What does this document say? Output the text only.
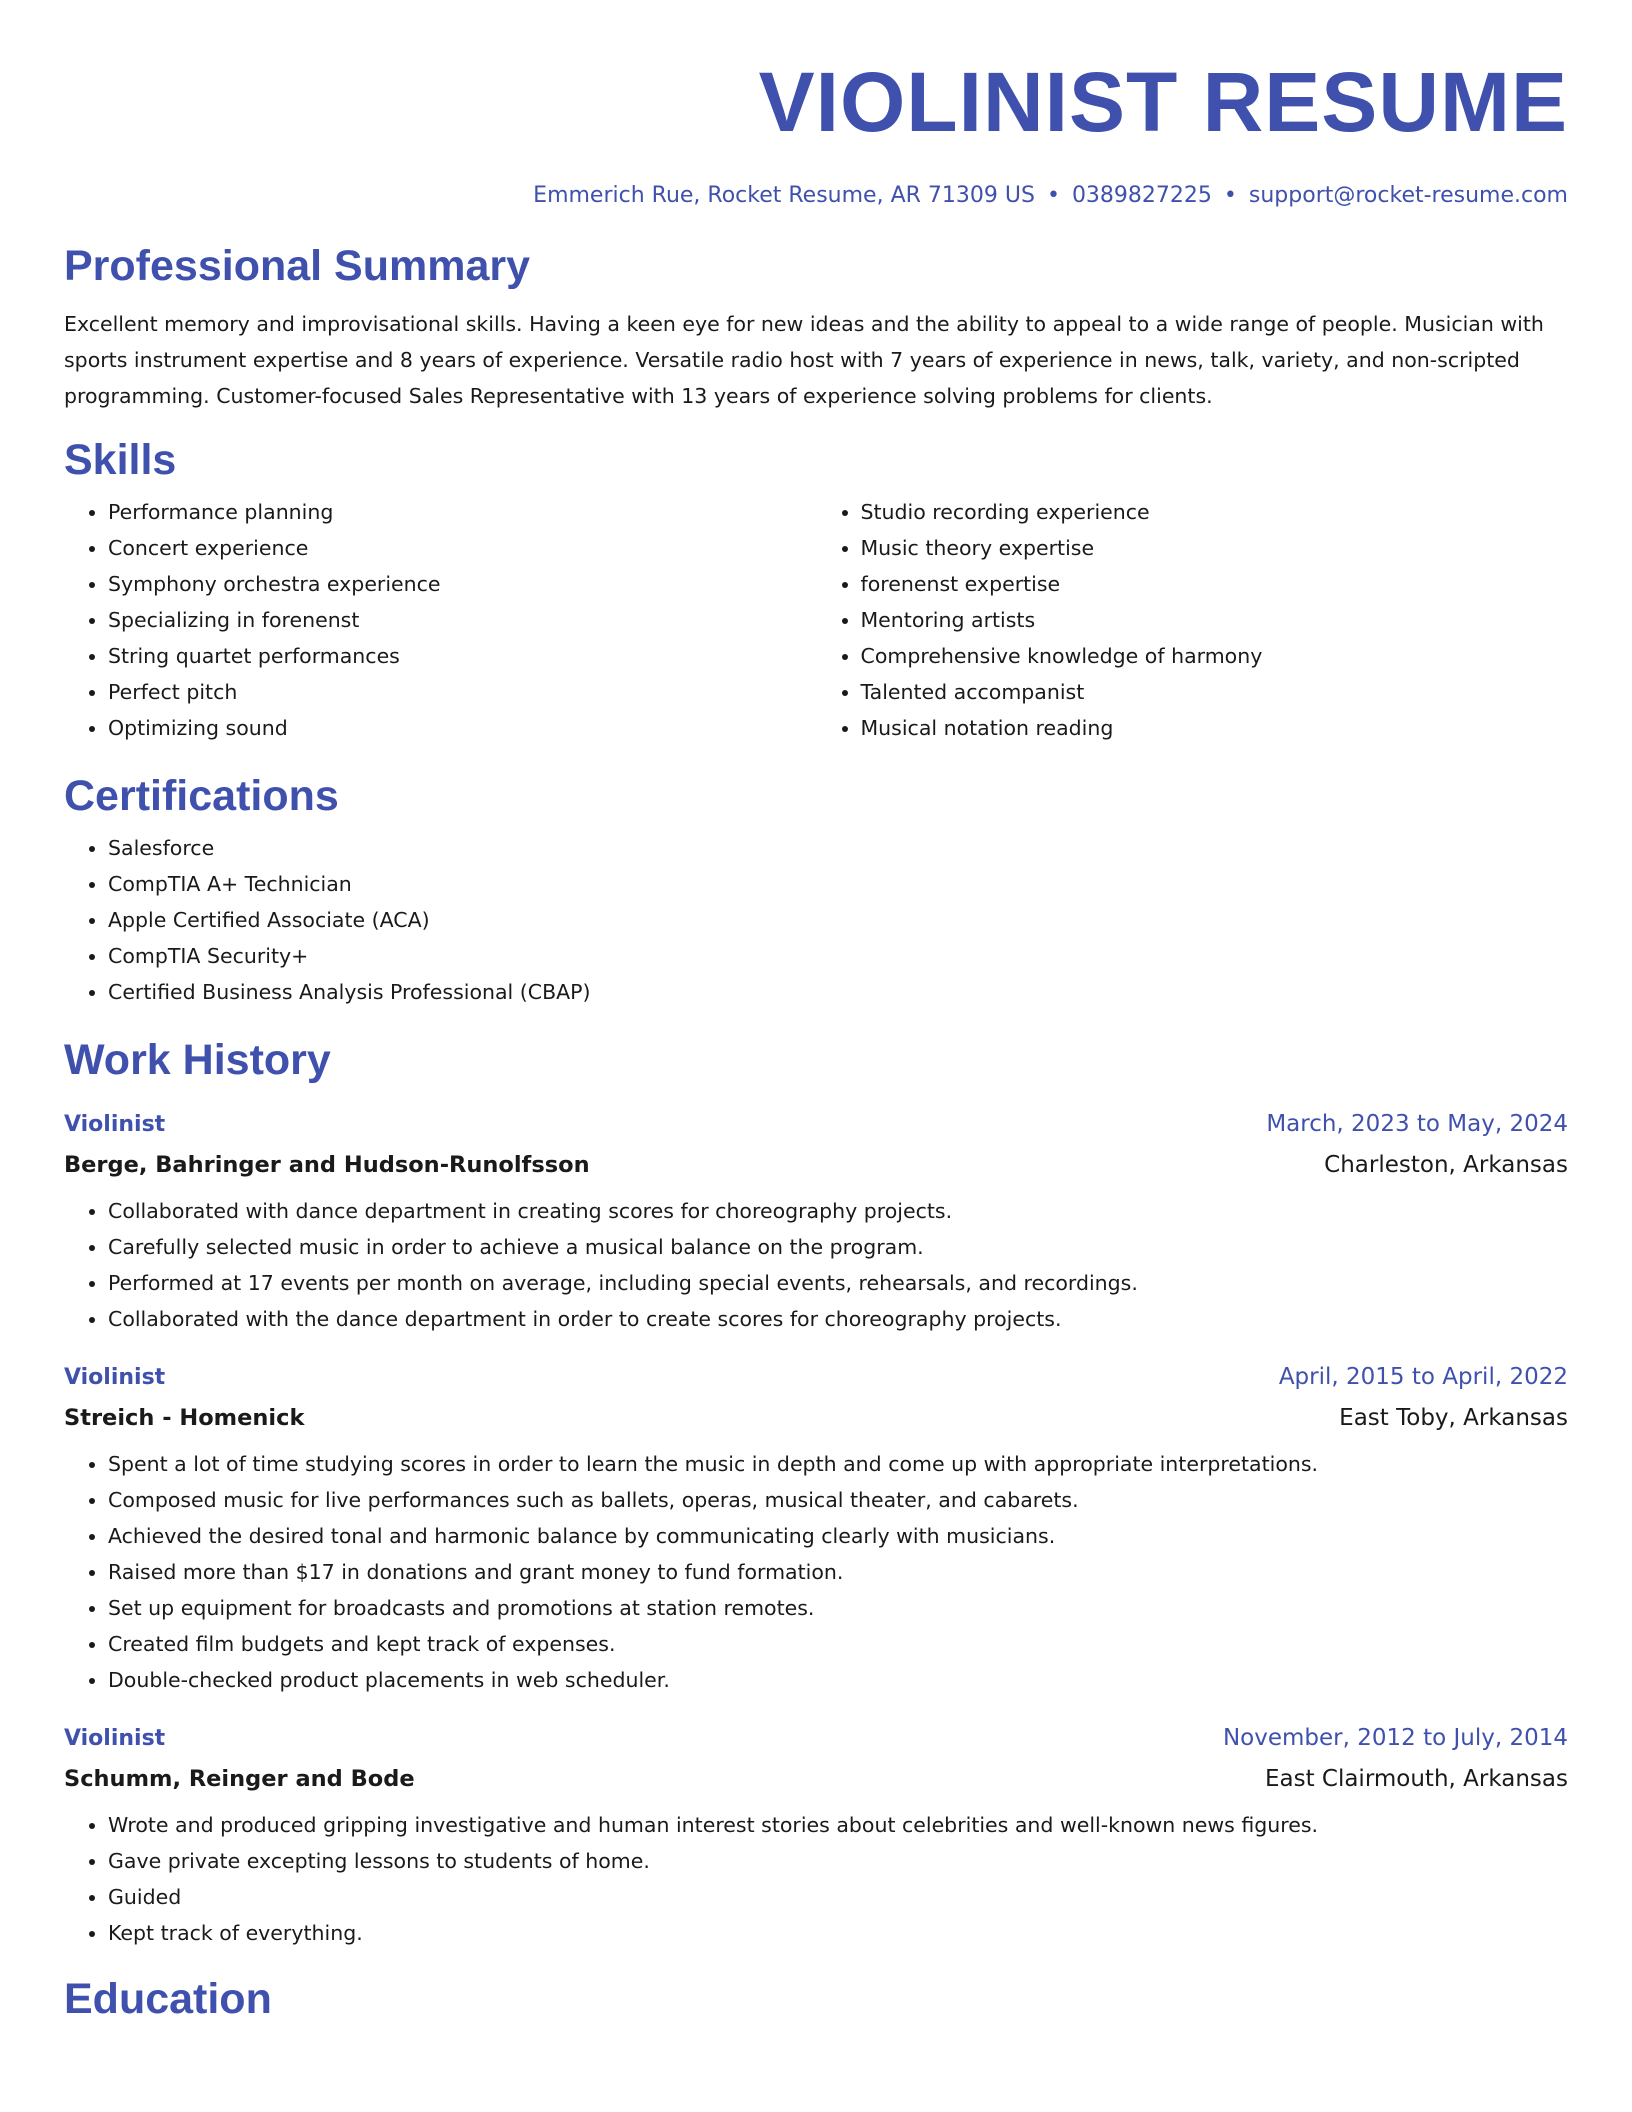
VIOLINIST RESUME
Emmerich Rue, Rocket Resume, AR 71309 US • 0389827225 • support@rocket-resume.com
Professional Summary
Excellent memory and improvisational skills. Having a keen eye for new ideas and the ability to appeal to a wide range of people. Musician with sports instrument expertise and 8 years of experience. Versatile radio host with 7 years of experience in news, talk, variety, and non-scripted programming. Customer-focused Sales Representative with 13 years of experience solving problems for clients.
Skills
• Performance planning
• Concert experience
• Symphony orchestra experience
• Specializing in forenenst
• String quartet performances
• Perfect pitch
• Optimizing sound
• Studio recording experience
• Music theory expertise
• forenenst expertise
• Mentoring artists
• Comprehensive knowledge of harmony
• Talented accompanist
• Musical notation reading
Certifications
• Salesforce
• CompTIA A+ Technician
• Apple Certified Associate (ACA)
• CompTIA Security+
• Certified Business Analysis Professional (CBAP)
Work History
Violinist	March, 2023 to May, 2024
Berge, Bahringer and Hudson-Runolfsson	Charleston, Arkansas
• Collaborated with dance department in creating scores for choreography projects.
• Carefully selected music in order to achieve a musical balance on the program.
• Performed at 17 events per month on average, including special events, rehearsals, and recordings.
• Collaborated with the dance department in order to create scores for choreography projects.
Violinist	April, 2015 to April, 2022
Streich - Homenick	East Toby, Arkansas
• Spent a lot of time studying scores in order to learn the music in depth and come up with appropriate interpretations.
• Composed music for live performances such as ballets, operas, musical theater, and cabarets.
• Achieved the desired tonal and harmonic balance by communicating clearly with musicians.
• Raised more than $17 in donations and grant money to fund formation.
• Set up equipment for broadcasts and promotions at station remotes.
• Created film budgets and kept track of expenses.
• Double-checked product placements in web scheduler.
Violinist	November, 2012 to July, 2014
Schumm, Reinger and Bode	East Clairmouth, Arkansas
• Wrote and produced gripping investigative and human interest stories about celebrities and well-known news figures.
• Gave private excepting lessons to students of home.
• Guided
• Kept track of everything.
Education
